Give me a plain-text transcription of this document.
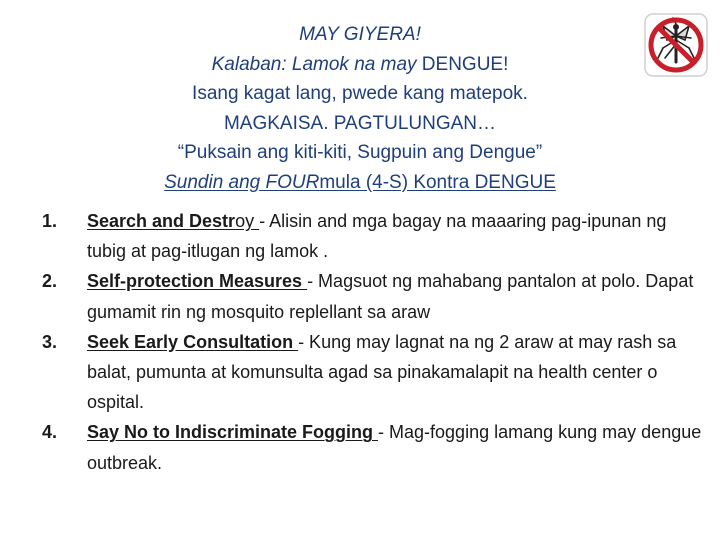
MAY GIYERA!
Kalaban: Lamok na may DENGUE!
Isang kagat lang, pwede kang matepok.
MAGKAISA. PAGTULUNGAN…
“Puksain ang kiti-kiti, Sugpuin ang Dengue”
Sundin ang FOURmula (4-S) Kontra DENGUE
1. Search and Destroy - Alisin and mga bagay na maaaring pag-ipunan ng tubig at pag-itlugan ng lamok .
2. Self-protection Measures - Magsuot ng mahabang pantalon at polo. Dapat gumamit rin ng mosquito replellant sa araw
3. Seek Early Consultation - Kung may lagnat na ng 2 araw at may rash sa balat, pumunta at komunsulta agad sa pinakamalapit na health center o ospital.
4. Say No to Indiscriminate Fogging - Mag-fogging lamang kung may dengue outbreak.
